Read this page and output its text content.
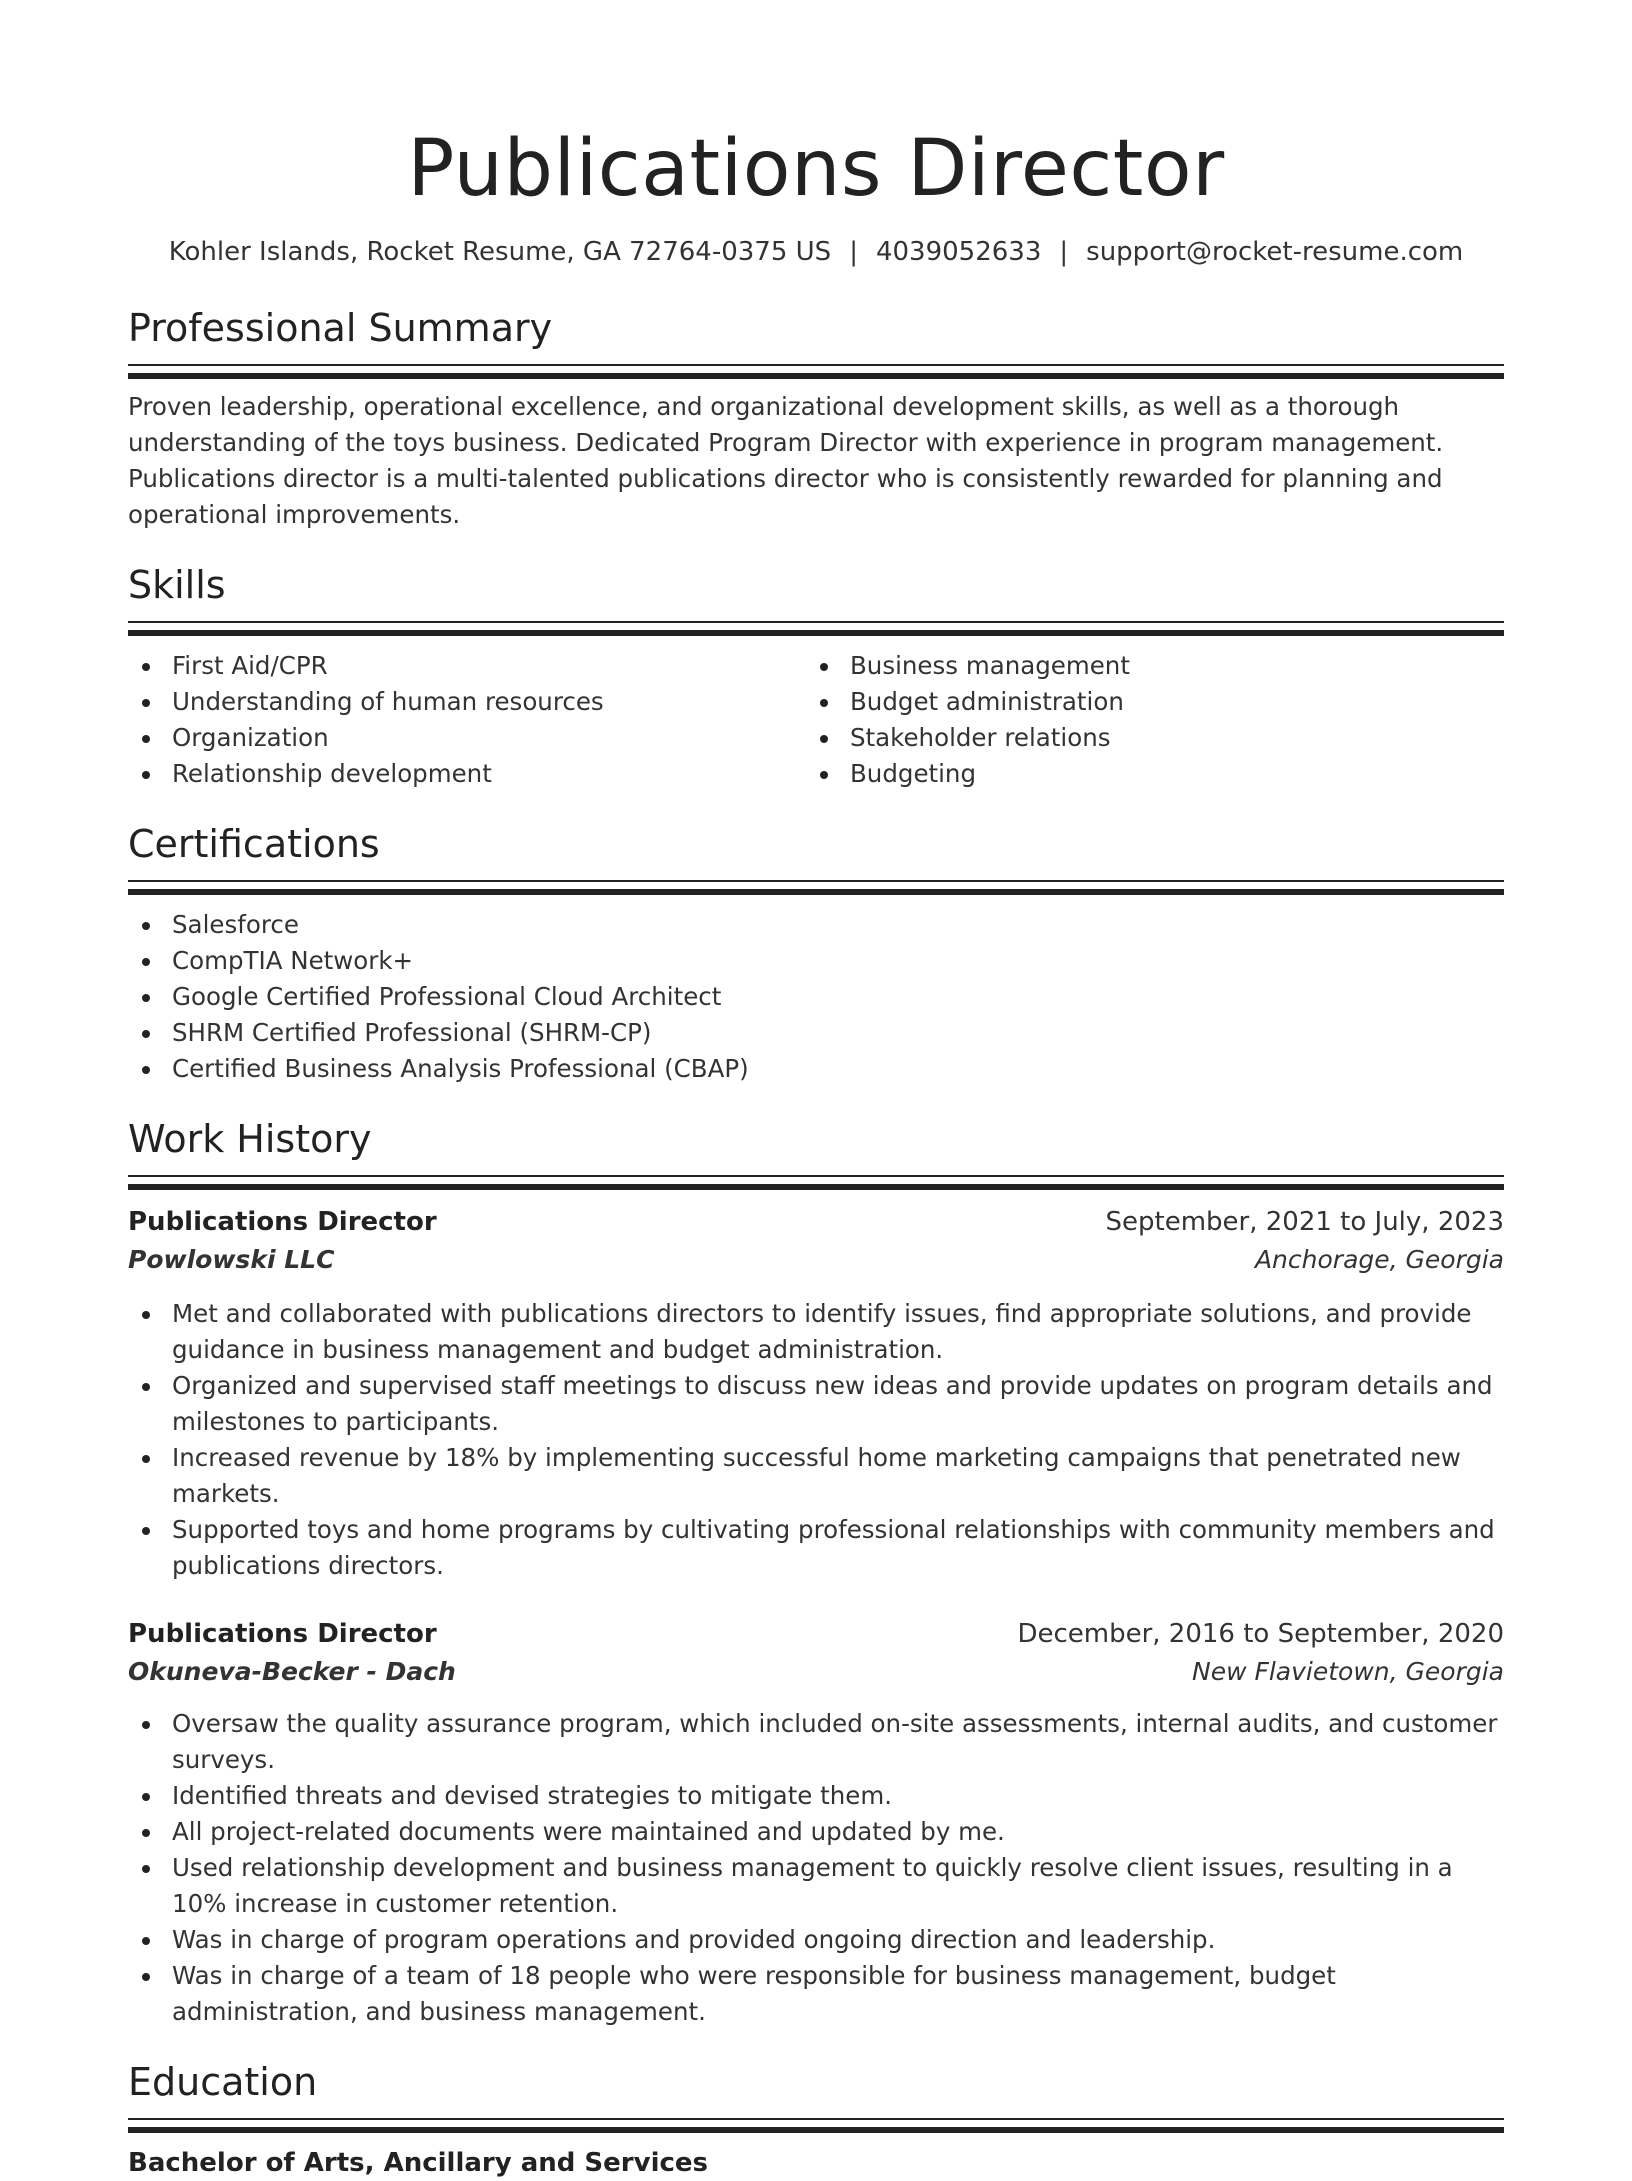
Publications Director
Kohler Islands, Rocket Resume, GA 72764-0375 US | 4039052633 | support@rocket-resume.com
Professional Summary

Proven leadership, operational excellence, and organizational development skills, as well as a thorough understanding of the toys business. Dedicated Program Director with experience in program management. Publications director is a multi-talented publications director who is consistently rewarded for planning and operational improvements.

Skills
First Aid/CPR
Understanding of human resources
Organization
Relationship development
Business management
Budget administration
Stakeholder relations
Budgeting
Certifications
Salesforce
CompTIA Network+
Google Certified Professional Cloud Architect
SHRM Certified Professional (SHRM-CP)
Certified Business Analysis Professional (CBAP)
Work History
Publications Director	September, 2021 to July, 2023
Powlowski LLC	Anchorage, Georgia
Met and collaborated with publications directors to identify issues, find appropriate solutions, and provide guidance in business management and budget administration.
Organized and supervised staff meetings to discuss new ideas and provide updates on program details and milestones to participants.
Increased revenue by 18% by implementing successful home marketing campaigns that penetrated new markets.
Supported toys and home programs by cultivating professional relationships with community members and publications directors.
Publications Director	December, 2016 to September, 2020
Okuneva-Becker - Dach	New Flavietown, Georgia
Oversaw the quality assurance program, which included on-site assessments, internal audits, and customer surveys.
Identified threats and devised strategies to mitigate them.
All project-related documents were maintained and updated by me.
Used relationship development and business management to quickly resolve client issues, resulting in a 10% increase in customer retention.
Was in charge of program operations and provided ongoing direction and leadership.
Was in charge of a team of 18 people who were responsible for business management, budget administration, and business management.
Education
Bachelor of Arts, Ancillary and Services
